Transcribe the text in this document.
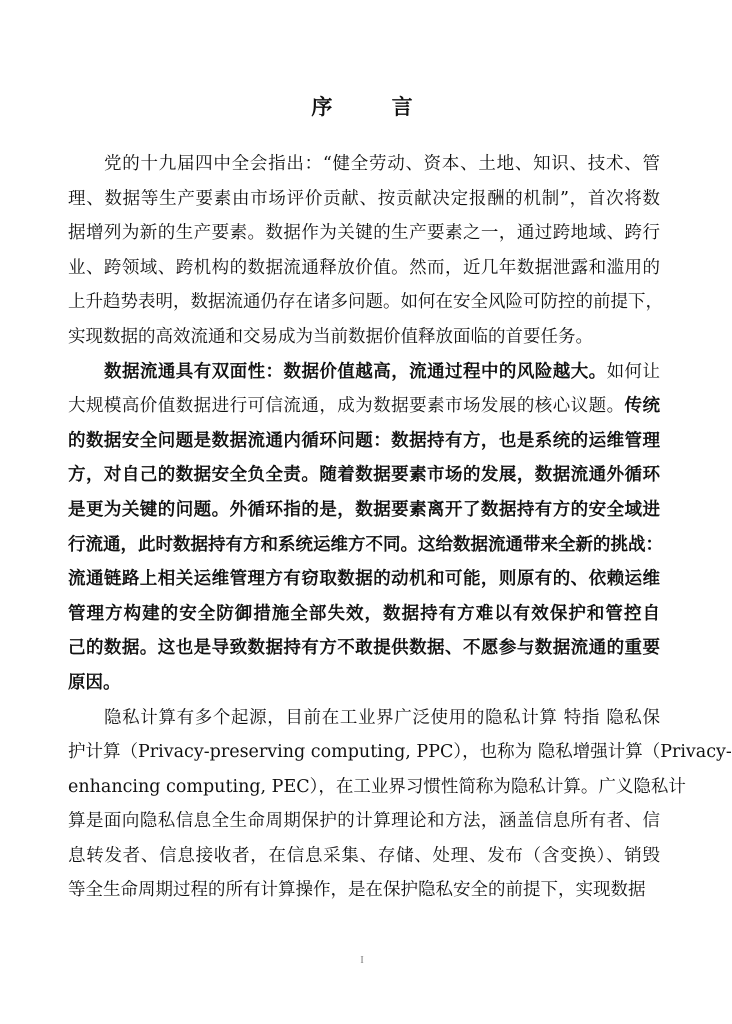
序 言
党的十九届四中全会指出：“健全劳动、资本、土地、知识、技术、管
理、数据等生产要素由市场评价贡献、按贡献决定报酬的机制”，首次将数
据增列为新的生产要素。数据作为关键的生产要素之一，通过跨地域、跨行
业、跨领域、跨机构的数据流通释放价值。然而，近几年数据泄露和滥用的
上升趋势表明，数据流通仍存在诸多问题。如何在安全风险可防控的前提下，
实现数据的高效流通和交易成为当前数据价值释放面临的首要任务。
数据流通具有双面性：数据价值越高，流通过程中的风险越大。如何让
大规模高价值数据进行可信流通，成为数据要素市场发展的核心议题。传统
的数据安全问题是数据流通内循环问题：数据持有方，也是系统的运维管理
方，对自己的数据安全负全责。随着数据要素市场的发展，数据流通外循环
是更为关键的问题。外循环指的是，数据要素离开了数据持有方的安全域进
行流通，此时数据持有方和系统运维方不同。这给数据流通带来全新的挑战：
流通链路上相关运维管理方有窃取数据的动机和可能，则原有的、依赖运维
管理方构建的安全防御措施全部失效，数据持有方难以有效保护和管控自
己的数据。这也是导致数据持有方不敢提供数据、不愿参与数据流通的重要
原因。
隐私计算有多个起源，目前在工业界广泛使用的隐私计算 特指 隐私保
护计算（Privacy-preserving computing, PPC），也称为 隐私增强计算（Privacy-
enhancing computing, PEC），在工业界习惯性简称为隐私计算。广义隐私计
算是面向隐私信息全生命周期保护的计算理论和方法，涵盖信息所有者、信
息转发者、信息接收者，在信息采集、存储、处理、发布（含变换）、销毁
等全生命周期过程的所有计算操作，是在保护隐私安全的前提下，实现数据
I
